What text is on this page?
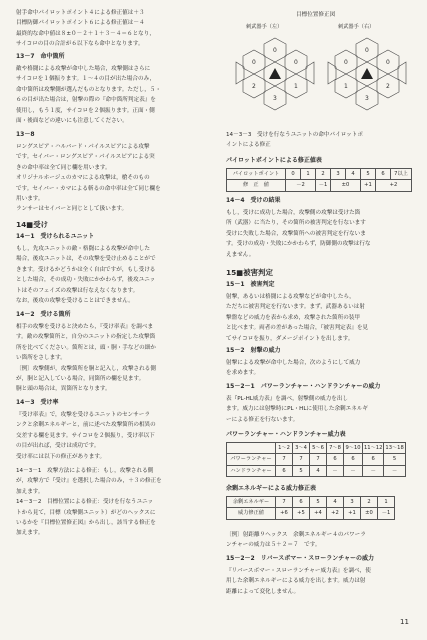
射手命中パイロットポイント４による修正値は＋３
目標防御パイロットポイント６による修正値は－４
最終的な命中値は８±０－２＋１＋３－４＝６となり，
サイコロの目の合計が６以下なら命中となります。
13－7　命中箇所
敵や格闘による攻撃が命中した場合，攻撃側はさらに
サイコロを１個振ります。１～４の目が出た場合のみ，
命中箇所は攻撃側が選んだものとなります。ただし，５・
６の目が出た場合は，射撃の際の『命中箇所判定表』を
使用し，もう１度，サイコロを２個振ります。正面・側
面・後面などの違いにも注意してください。
13－8
ロングスピア・ハルバード・パイルスピアによる攻撃
です。セイバー・ロングスピア・パイルスピアによる突
きの命中率は全て同じ欄を用います。
オリジナルホージュのカマによる攻撃は，槍そのもの
です。セイバー・カマによる斬るの命中率は全て同じ欄を
用います。
ランサーはセイバーと同じとして扱います。
14■受け
14－1　受けられるユニット
もし，先攻ユニットの敵・格闘による攻撃が命中した
場合，後攻ユニットは，その攻撃を受け止めることがで
きます。受けるかどうかは全く自由ですが，もし受ける
とした場合，その成功・失敗にかかわらず，後攻ユニッ
トはそのフェイズの攻撃は行なえなくなります。
なお，後攻の攻撃を受けることはできません。
14－2　受ける箇所
相手の攻撃を受けると決めたら，『受け率表』を調べま
す。敵の攻撃箇所と，自分のユニットの指定した攻撃箇
所を比べてください。箇所とは，頭・胴・手などの細か
い箇所をさします。
〔例〕攻撃側が，攻撃箇所を胴と記入し，攻撃される側
が，胴と記入している場合，同箇所の欄を見ます。
胴と頭の場合は，異箇所となります。
14－3　受け率
『受け率表』で，攻撃を受けるユニットのセンサーラ
ンクと余剰エネルギーと，前に述べた攻撃箇所の相異の
交差する欄を見ます。サイコロを２個振り，受け率以下
の目が出れば，受けは成功です。
受け率には以下の修正があります。
14－3－1　攻撃方法による修正：もし，攻撃される側
が，攻撃方で『受け』を選択した場合のみ，＋３の修正を
加えます。
14－3－2　目標位置による修正：受けを行なうユニッ
トから見て，目標（攻撃側ユニット）がどのヘックスに
いるかを『目標位置修正図』から出し，該当する修正を
加えます。
目標位置修正図
刺武器手（左）	刺武器手（右）
0
0	0
2	1
3
0
0	0
1	2
3
14－3－3　受けを行なうユニットの命中パイロットポ
イントによる修正
パイロットポイントによる修正値表
パイロットポイント	0	1	2	3	4	5	6	7以上
修　正　値	－2		－1	±0		+1	+2	
14－4　受けの結果
もし，受けに成功した場合，攻撃側の攻撃は受けた箇
所（武器）に当たり，その箇所の被害判定を行ないます
受けに失敗した場合，攻撃箇所への被害判定を行ないま
す。受けの成功・失敗にかかわらず，防御側の攻撃は行な
えません。
15■被害判定
15－1　被害判定
射撃，あるいは格闘による攻撃などが命中したら，
ただちに被害判定を行ないます。まず，武器あるいは射
撃盤などの威力を表から求め，攻撃された箇所の装甲
と比べます。両者の差があった場合，『被害判定表』を見
てサイコロを振り，ダメージポイントを出します。
15－2　射撃の威力
射撃による攻撃が命中した場合，次のようにして威力
を求めます。
15－2－1　パワーランチャー・ハンドランチャーの威力
表『PL-HL威力表』を調べ，射撃側の威力を出し
ます。威力には射撃時にPL・HLに使用した余剰エネルギ
ーによる修正を行ないます。
パワーランチャー・ハンドランチャー威力表
	1～2	3～4	5～6	7～8	9～10	11～12	13～18
パワーランチャー	7	7	7	6	6	6	5
ハンドランチャー	6	5	4	－	－	－	－
余剰エネルギーによる威力修正表
余剰エネルギー	7	6	5	4	3	2	1
威力修正値	+6	+5	+4	+2	+1	±0	－1
〔例〕射距離９ヘックス　余剰エネルギー４のパワーラ
ンチャーの威力は５＋２＝７　です。
15－2－2　リバースボマー・スローランチャーの威力
『リバースボマー・スローランチャー威力表』を調べ，使
用した余剰エネルギーによる威力を出します。威力は射
距離によって変化しません。
11
